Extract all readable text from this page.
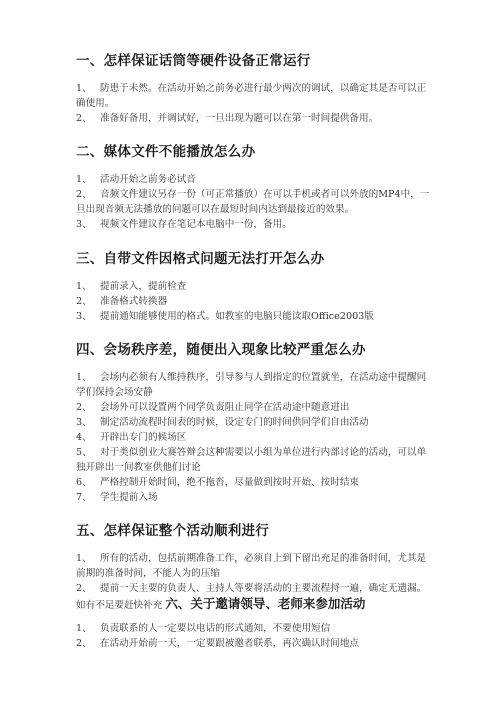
一、怎样保证话筒等硬件设备正常运行

1、 防患于未然。在活动开始之前务必进行最少两次的调试，以确定其是否可以正确使用。

2、 准备好备用，并调试好，一旦出现为题可以在第一时间提供备用。

二、媒体文件不能播放怎么办

1、 活动开始之前务必试音

2、 音频文件建议另存一份（可正常播放）在可以手机或者可以外放的MP4中，一旦出现音频无法播放的问题可以在最短时间内达到最接近的效果。

3、 视频文件建议存在笔记本电脑中一份，备用。

三、自带文件因格式问题无法打开怎么办

1、 提前录入，提前检查

2、 准备格式转换器

3、 提前通知能够使用的格式。如教室的电脑只能读取Office2003版

四、会场秩序差，随便出入现象比较严重怎么办

1、 会场内必须有人维持秩序，引导参与人到指定的位置就坐，在活动途中提醒同学们保持会场安静

2、 会场外可以设置两个同学负责阻止同学在活动途中随意进出

3、 制定活动流程时间表的时候，设定专门的时间供同学们自由活动

4、 开辟出专门的候场区

5、 对于类似创业大赛答辩会这种需要以小组为单位进行内部讨论的活动，可以单独开辟出一间教室供他们讨论

6、 严格控制开始时间，绝不拖沓，尽量做到按时开始、按时结束

7、 学生提前入场

五、怎样保证整个活动顺利进行

1、 所有的活动，包括前期准备工作，必须自上到下留出充足的准备时间，尤其是前期的准备时间，不能人为的压缩

2、 提前一天主要的负责人、主持人等要将活动的主要流程捋一遍，确定无遗漏。 如有不足要赶快补充 六、关于邀请领导、老师来参加活动

1、 负责联系的人一定要以电话的形式通知，不要使用短信

2、 在活动开始前一天，一定要跟被邀者联系，再次确认时间地点
